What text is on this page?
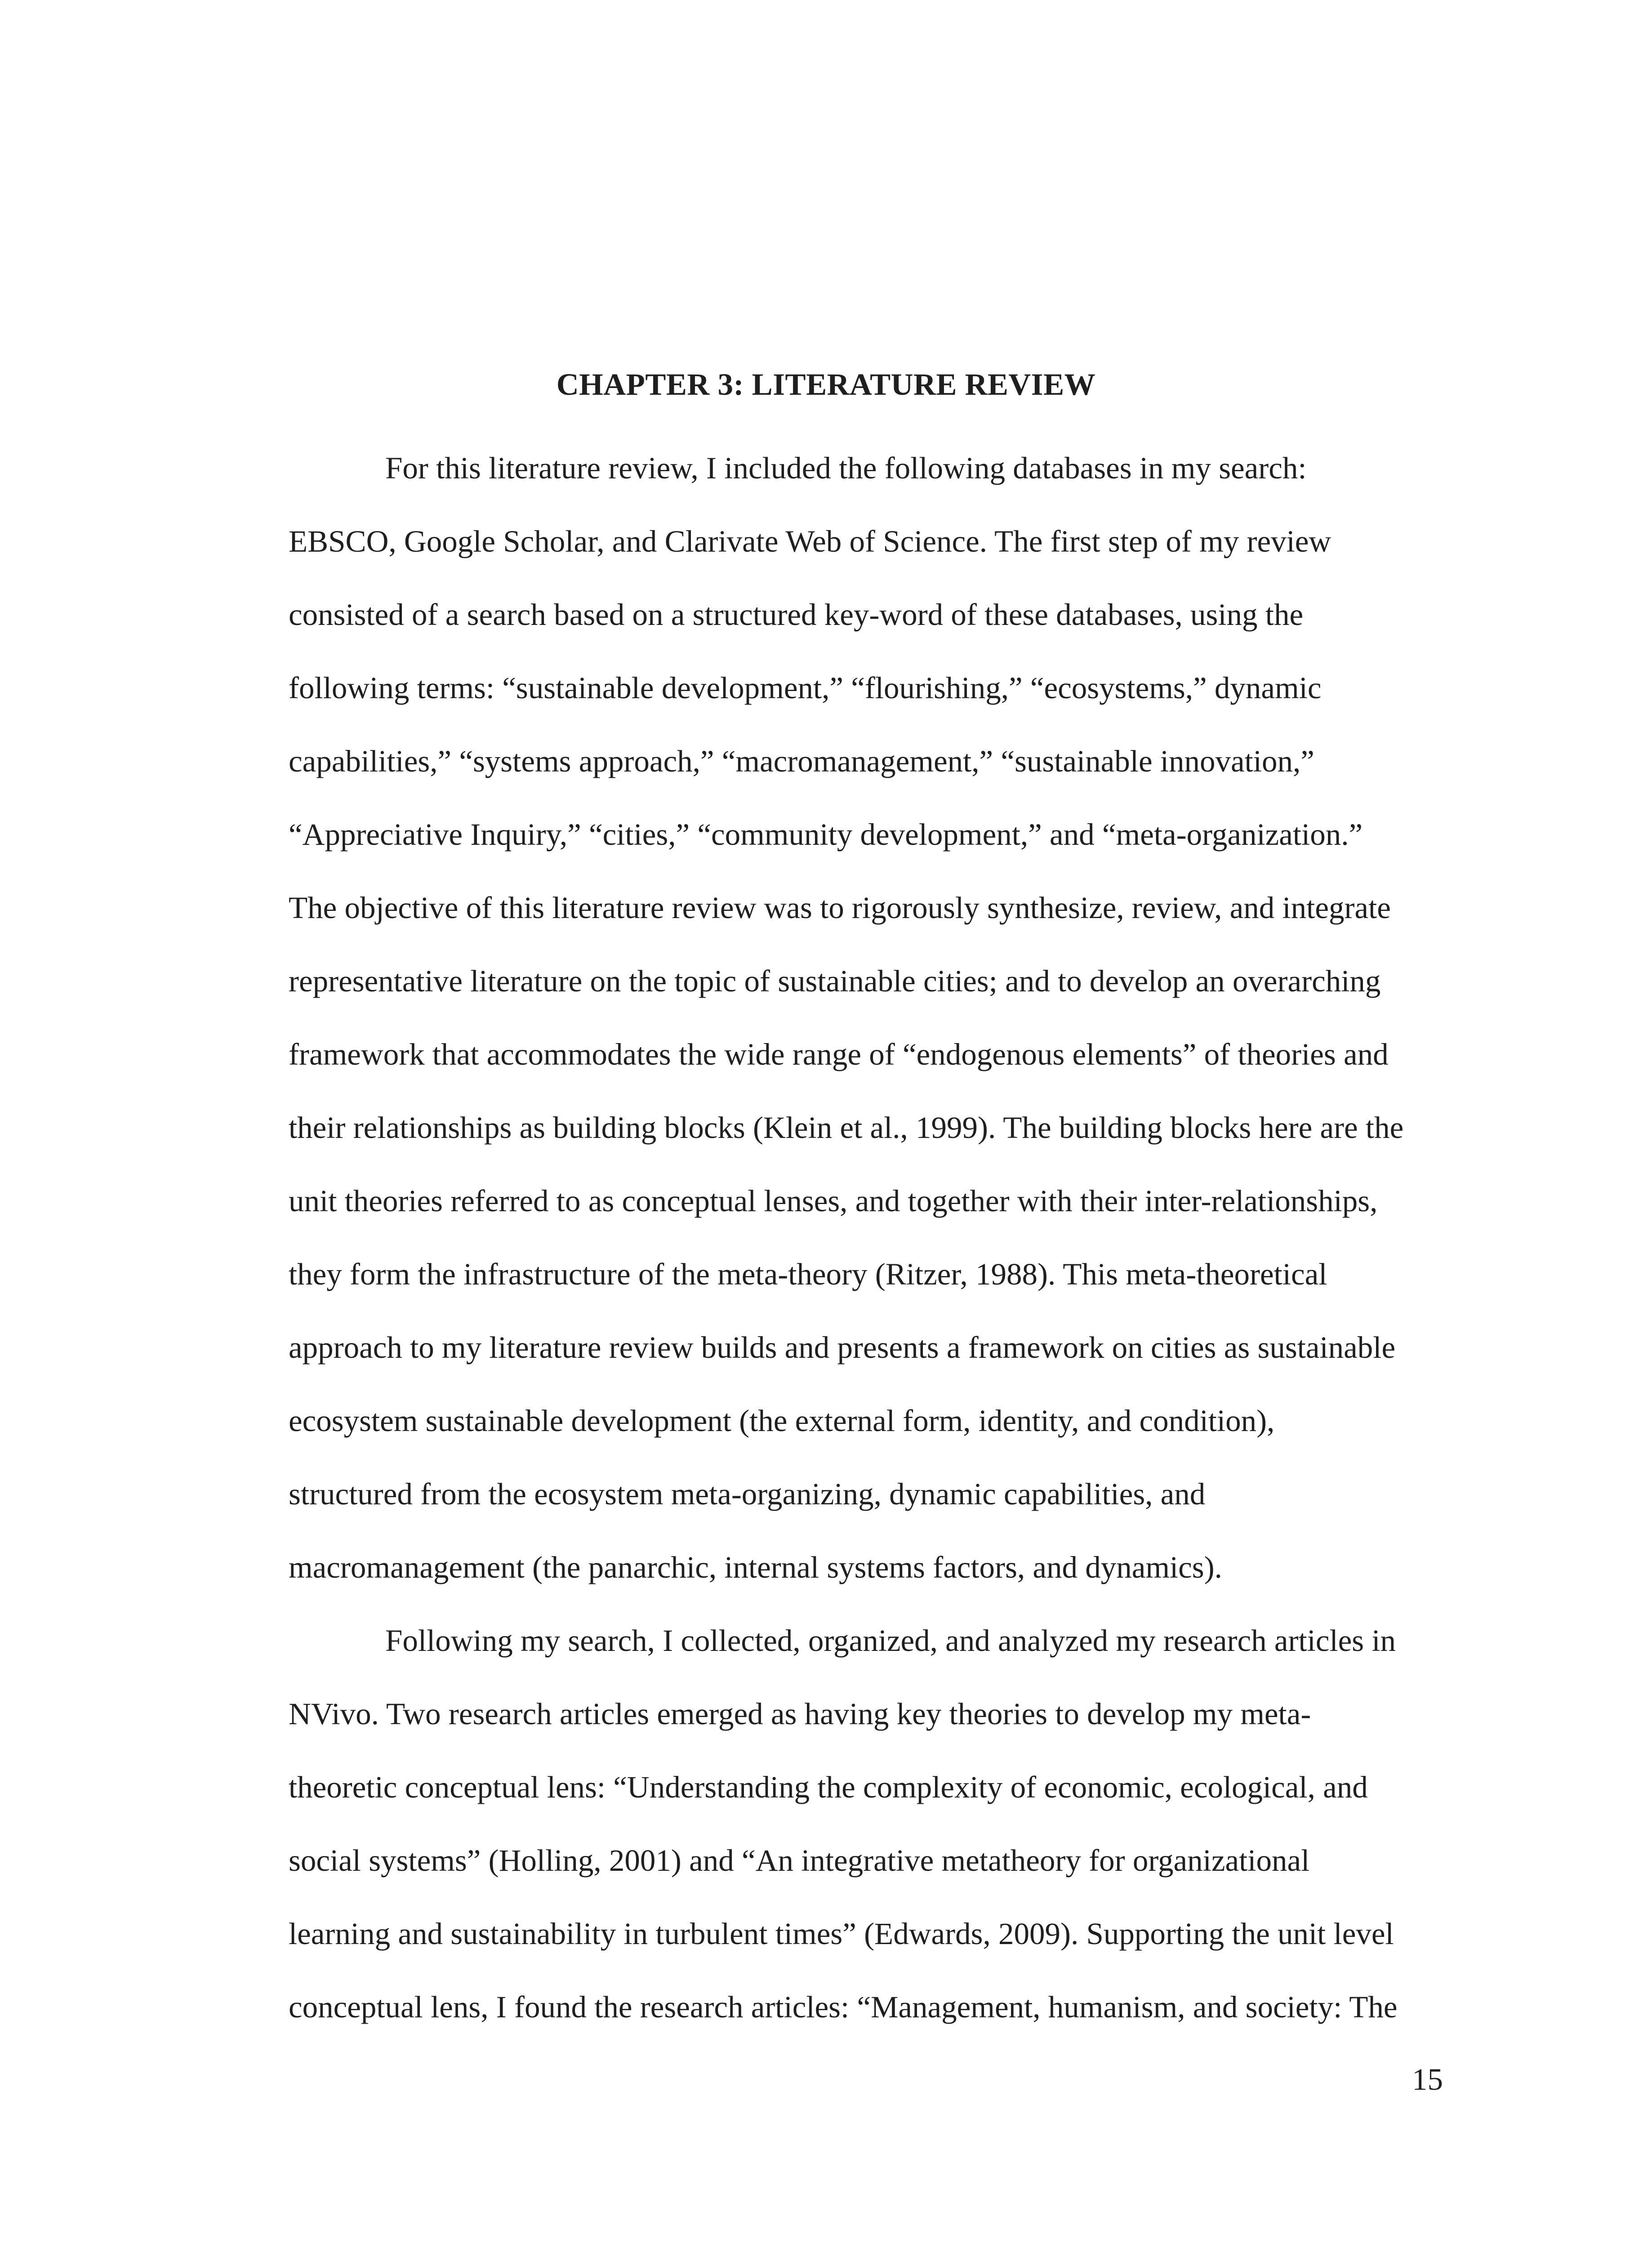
CHAPTER 3: LITERATURE REVIEW
For this literature review, I included the following databases in my search:
EBSCO, Google Scholar, and Clarivate Web of Science. The first step of my review
consisted of a search based on a structured key-word of these databases, using the
following terms: “sustainable development,” “flourishing,” “ecosystems,” dynamic
capabilities,” “systems approach,” “macromanagement,” “sustainable innovation,”
“Appreciative Inquiry,” “cities,” “community development,” and “meta-organization.”
The objective of this literature review was to rigorously synthesize, review, and integrate
representative literature on the topic of sustainable cities; and to develop an overarching
framework that accommodates the wide range of “endogenous elements” of theories and
their relationships as building blocks (Klein et al., 1999). The building blocks here are the
unit theories referred to as conceptual lenses, and together with their inter-relationships,
they form the infrastructure of the meta-theory (Ritzer, 1988). This meta-theoretical
approach to my literature review builds and presents a framework on cities as sustainable
ecosystem sustainable development (the external form, identity, and condition),
structured from the ecosystem meta-organizing, dynamic capabilities, and
macromanagement (the panarchic, internal systems factors, and dynamics).
Following my search, I collected, organized, and analyzed my research articles in
NVivo. Two research articles emerged as having key theories to develop my meta-
theoretic conceptual lens: “Understanding the complexity of economic, ecological, and
social systems” (Holling, 2001) and “An integrative metatheory for organizational
learning and sustainability in turbulent times” (Edwards, 2009). Supporting the unit level
conceptual lens, I found the research articles: “Management, humanism, and society: The
15
